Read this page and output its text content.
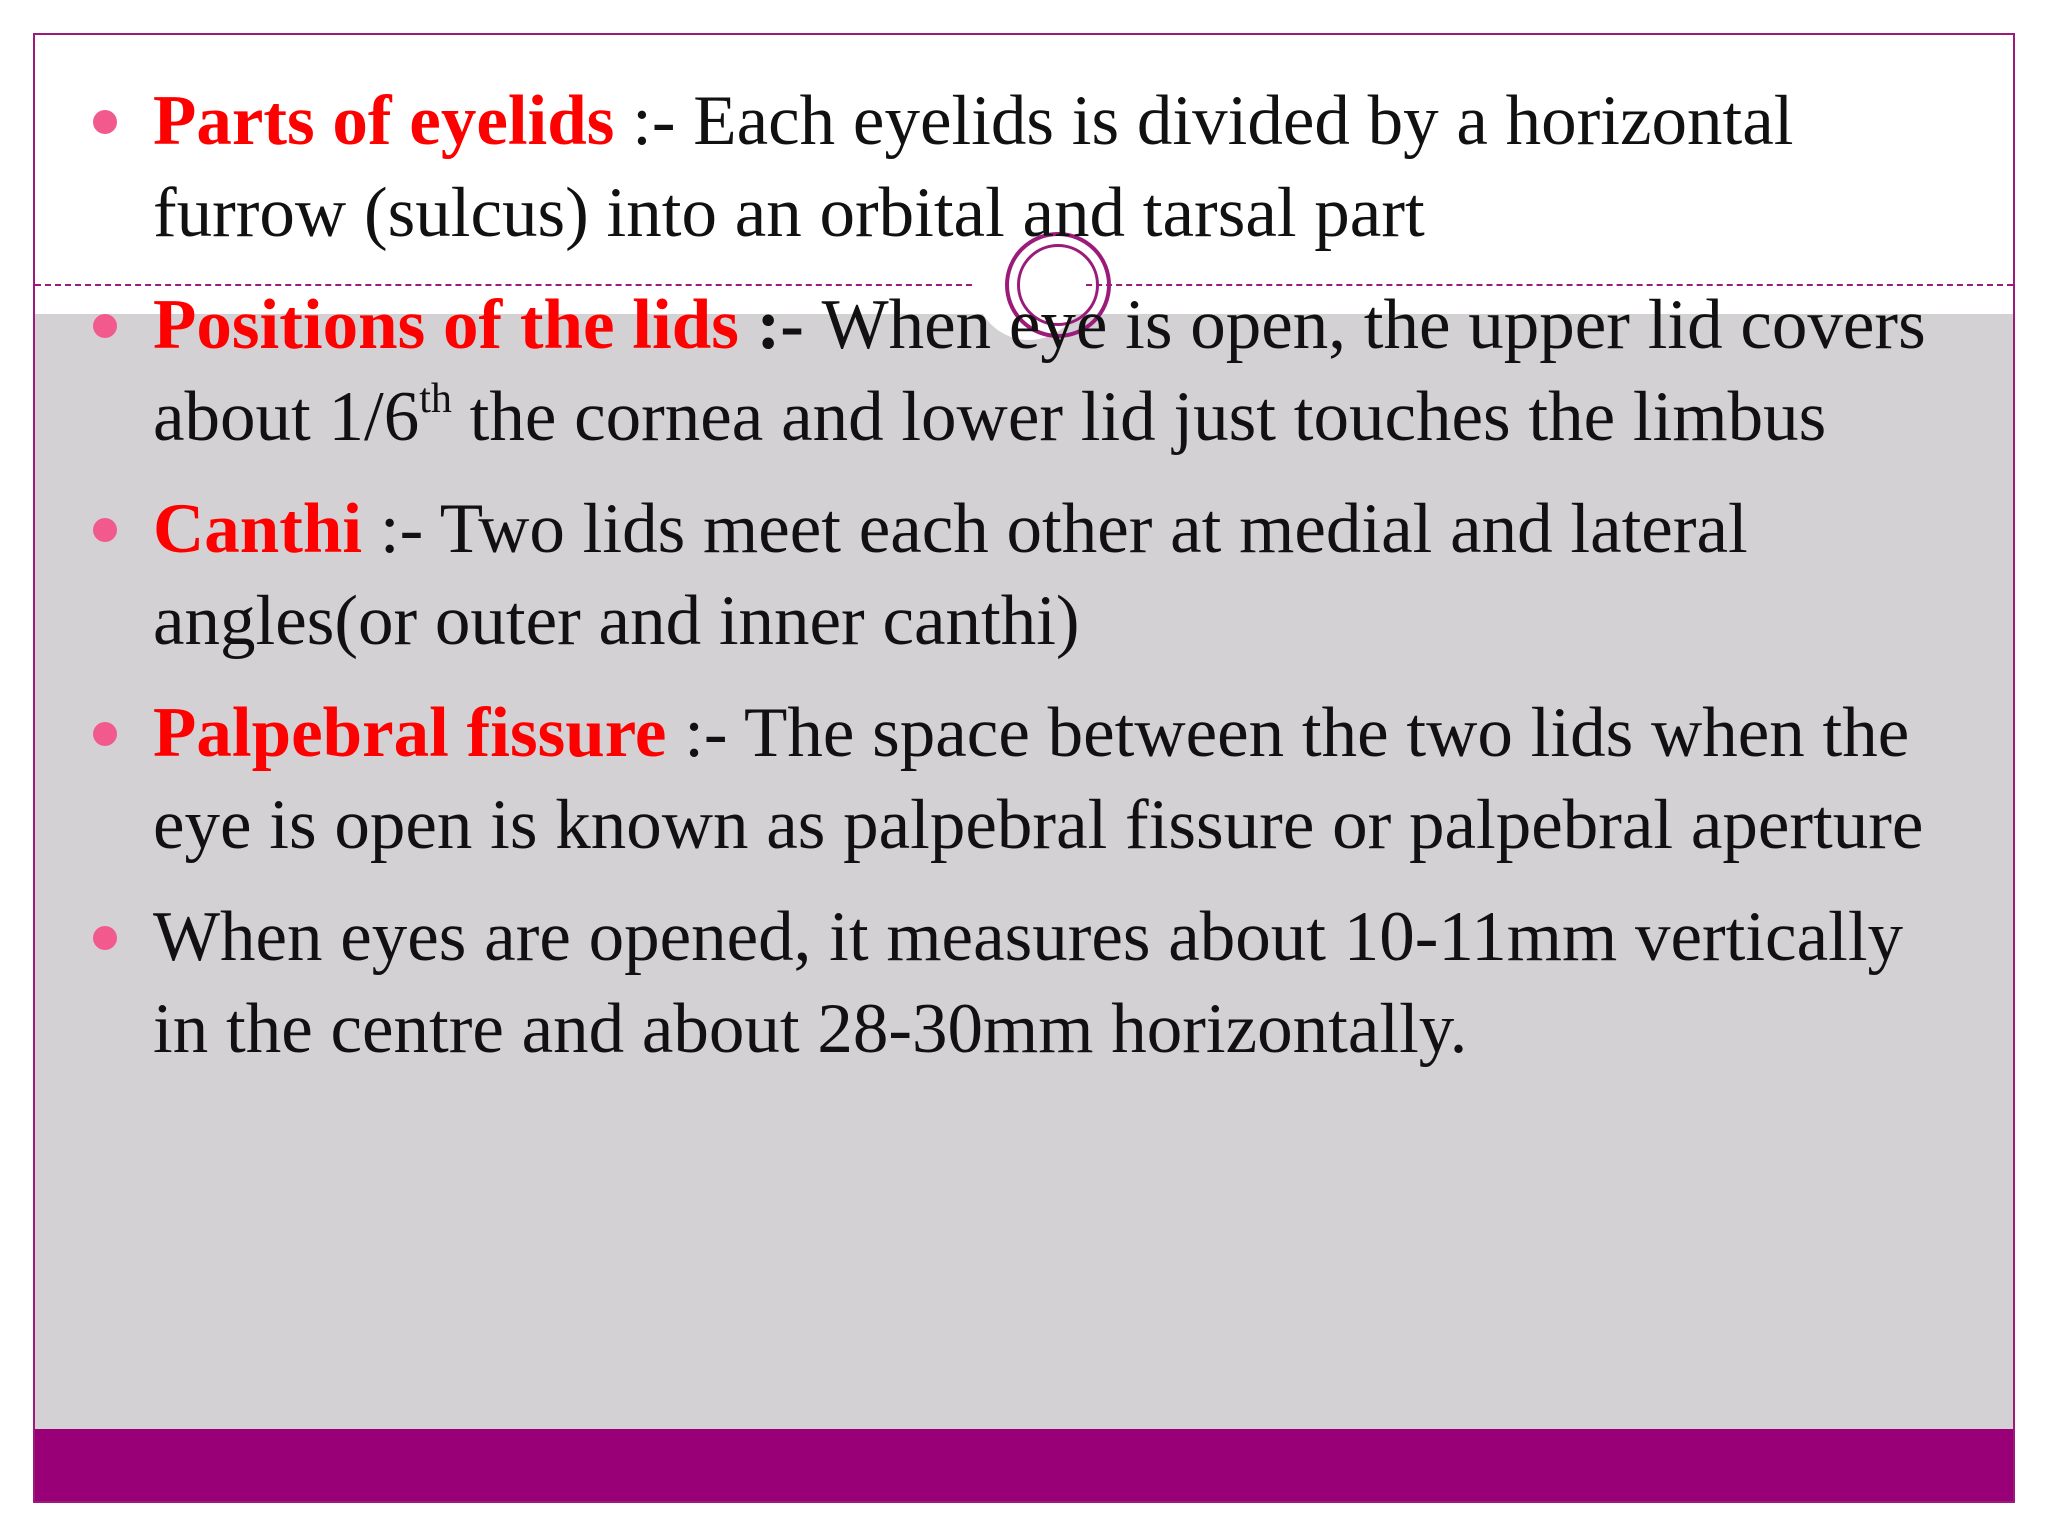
Parts of eyelids :- Each eyelids is divided by a horizontal furrow (sulcus) into an orbital and tarsal part
Positions of the lids :- When eye is open, the upper lid covers about 1/6th the cornea and lower lid just touches the limbus
Canthi :- Two lids meet each other at medial and lateral angles(or outer and inner canthi)
Palpebral fissure :- The space between the two lids when the eye is open is known as palpebral fissure or palpebral aperture
When eyes are opened, it measures about 10-11mm vertically in the centre and about 28-30mm horizontally.
